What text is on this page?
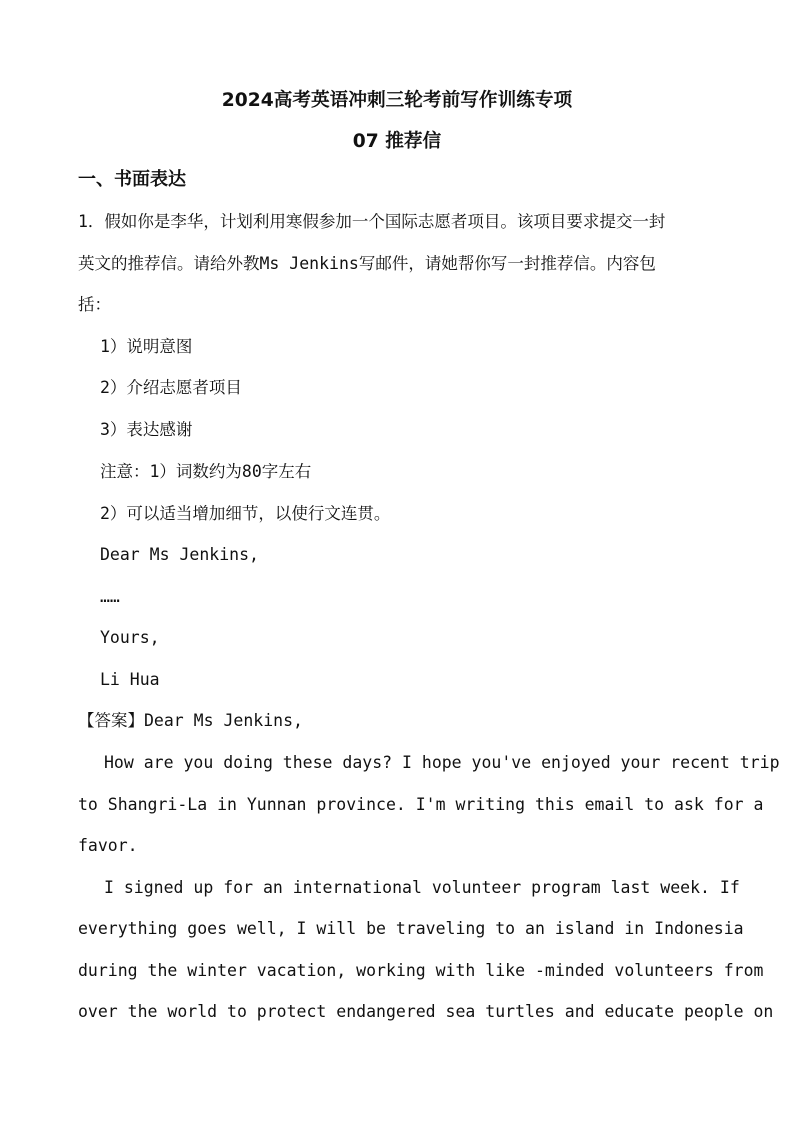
2024高考英语冲刺三轮考前写作训练专项
07 推荐信
一、书面表达
1．假如你是李华，计划利用寒假参加一个国际志愿者项目。该项目要求提交一封
英文的推荐信。请给外教Ms Jenkins写邮件，请她帮你写一封推荐信。内容包
括：
1）说明意图
2）介绍志愿者项目
3）表达感谢
注意：1）词数约为80字左右
2）可以适当增加细节，以使行文连贯。
Dear Ms Jenkins,
……
Yours,
Li Hua
【答案】Dear Ms Jenkins,
How are you doing these days? I hope you've enjoyed your recent trip
to Shangri-La in Yunnan province. I'm writing this email to ask for a
favor.
I signed up for an international volunteer program last week. If
everything goes well, I will be traveling to an island in Indonesia
during the winter vacation, working with like -minded volunteers from
over the world to protect endangered sea turtles and educate people on
